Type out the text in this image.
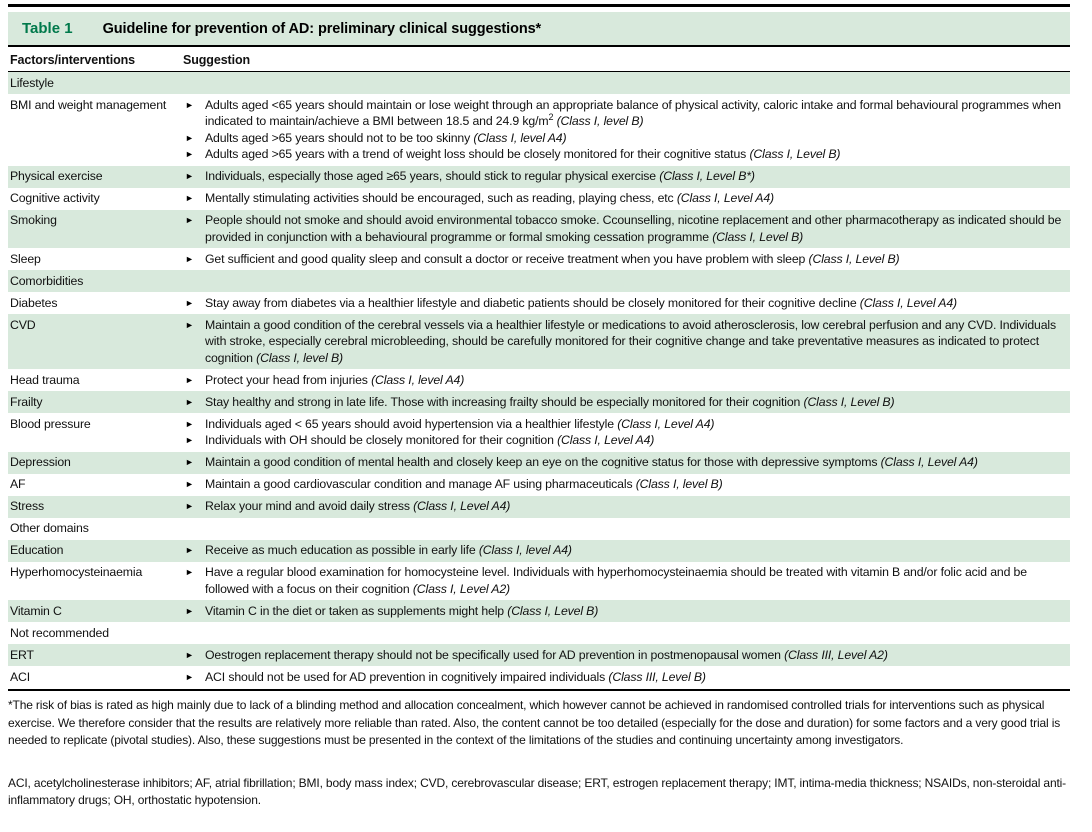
Table 1 Guideline for prevention of AD: preliminary clinical suggestions*
Factors/interventions	Suggestion
Lifestyle
BMI and weight management	► Adults aged <65 years should maintain or lose weight through an appropriate balance of physical activity, caloric intake and formal behavioural programmes when indicated to maintain/achieve a BMI between 18.5 and 24.9 $kg/m^2$ (Class I, level B)
► Adults aged >65 years should not to be too skinny (Class I, level A4)
► Adults aged >65 years with a trend of weight loss should be closely monitored for their cognitive status (Class I, Level B)
Physical exercise	► Individuals, especially those aged ≥65 years, should stick to regular physical exercise (Class I, Level B*)
Cognitive activity	► Mentally stimulating activities should be encouraged, such as reading, playing chess, etc (Class I, Level A4)
Smoking	► People should not smoke and should avoid environmental tobacco smoke. Ccounselling, nicotine replacement and other pharmacotherapy as indicated should be provided in conjunction with a behavioural programme or formal smoking cessation programme (Class I, Level B)
Sleep	► Get sufficient and good quality sleep and consult a doctor or receive treatment when you have problem with sleep (Class I, Level B)
Comorbidities
Diabetes	► Stay away from diabetes via a healthier lifestyle and diabetic patients should be closely monitored for their cognitive decline (Class I, Level A4)
CVD	► Maintain a good condition of the cerebral vessels via a healthier lifestyle or medications to avoid atherosclerosis, low cerebral perfusion and any CVD. Individuals with stroke, especially cerebral microbleeding, should be carefully monitored for their cognitive change and take preventative measures as indicated to protect cognition (Class I, level B)
Head trauma	► Protect your head from injuries (Class I, level A4)
Frailty	► Stay healthy and strong in late life. Those with increasing frailty should be especially monitored for their cognition (Class I, Level B)
Blood pressure	► Individuals aged < 65 years should avoid hypertension via a healthier lifestyle (Class I, Level A4)
► Individuals with OH should be closely monitored for their cognition (Class I, Level A4)
Depression	► Maintain a good condition of mental health and closely keep an eye on the cognitive status for those with depressive symptoms (Class I, Level A4)
AF	► Maintain a good cardiovascular condition and manage AF using pharmaceuticals (Class I, level B)
Stress	► Relax your mind and avoid daily stress (Class I, Level A4)
Other domains
Education	► Receive as much education as possible in early life (Class I, level A4)
Hyperhomocysteinaemia	► Have a regular blood examination for homocysteine level. Individuals with hyperhomocysteinaemia should be treated with vitamin B and/or folic acid and be followed with a focus on their cognition (Class I, Level A2)
Vitamin C	► Vitamin C in the diet or taken as supplements might help (Class I, Level B)
Not recommended
ERT	► Oestrogen replacement therapy should not be specifically used for AD prevention in postmenopausal women (Class III, Level A2)
ACI	► ACI should not be used for AD prevention in cognitively impaired individuals (Class III, Level B)

*The risk of bias is rated as high mainly due to lack of a blinding method and allocation concealment, which however cannot be achieved in randomised controlled trials for interventions such as physical exercise. We therefore consider that the results are relatively more reliable than rated. Also, the content cannot be too detailed (especially for the dose and duration) for some factors and a very good trial is needed to replicate (pivotal studies). Also, these suggestions must be presented in the context of the limitations of the studies and continuing uncertainty among investigators.

ACI, acetylcholinesterase inhibitors; AF, atrial fibrillation; BMI, body mass index; CVD, cerebrovascular disease; ERT, estrogen replacement therapy; IMT, intima-media thickness; NSAIDs, non-steroidal anti-inflammatory drugs; OH, orthostatic hypotension.
